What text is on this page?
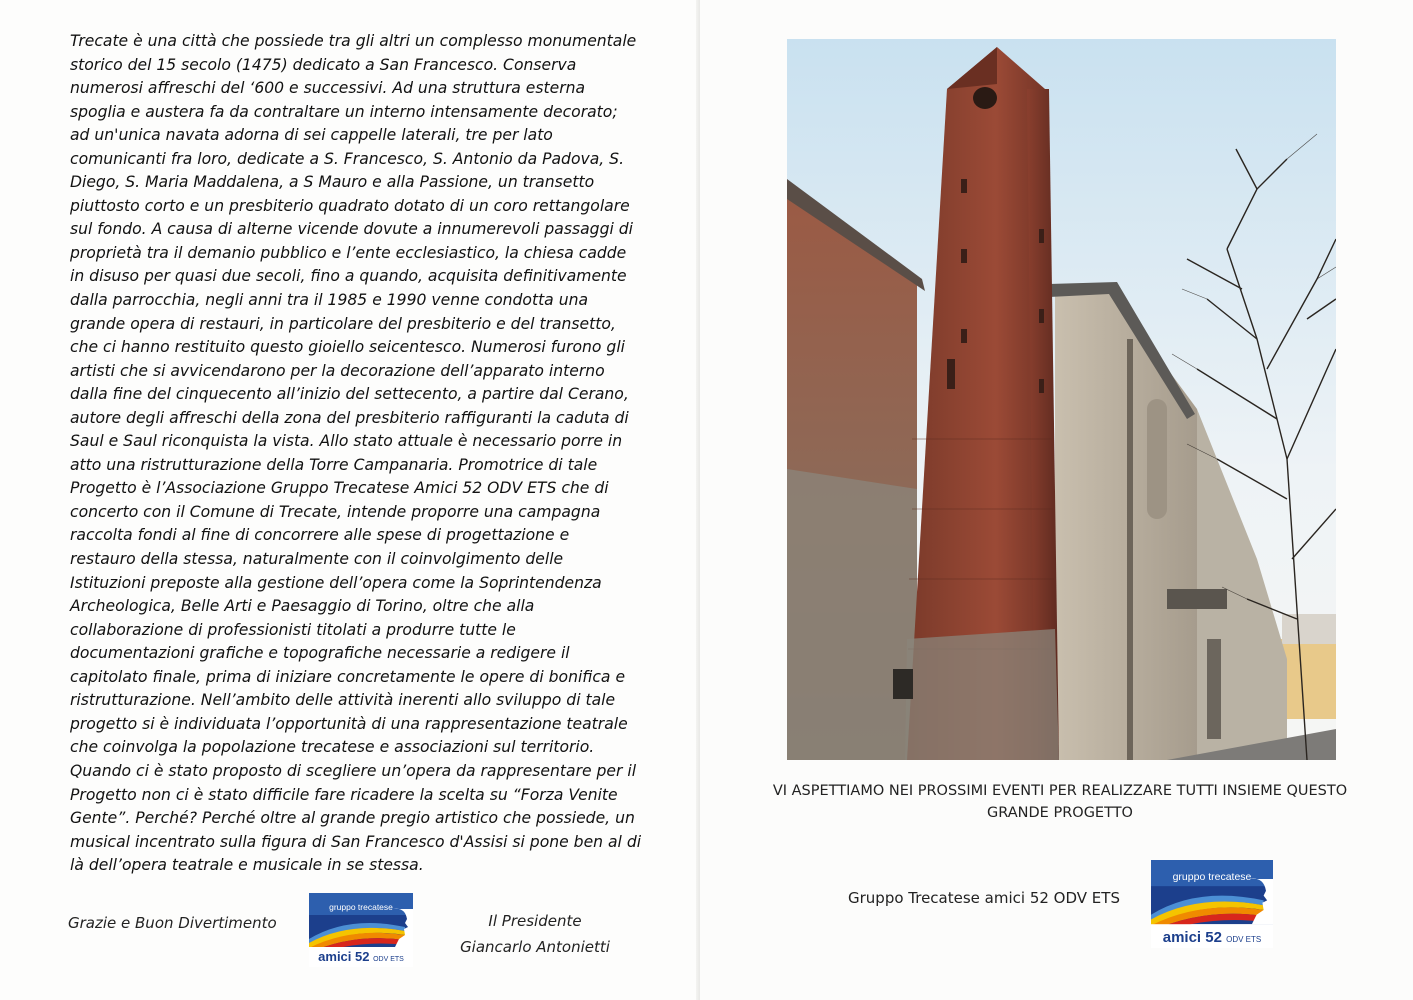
Trecate è una città che possiede tra gli altri un complesso monumentale
storico del 15 secolo (1475) dedicato a San Francesco. Conserva
numerosi affreschi del ‘600 e successivi. Ad una struttura esterna
spoglia e austera fa da contraltare un interno intensamente decorato;
ad un'unica navata adorna di sei cappelle laterali, tre per lato
comunicanti fra loro, dedicate a S. Francesco, S. Antonio da Padova, S.
Diego, S. Maria Maddalena, a S Mauro e alla Passione, un transetto
piuttosto corto e un presbiterio quadrato dotato di un coro rettangolare
sul fondo. A causa di alterne vicende dovute a innumerevoli passaggi di
proprietà tra il demanio pubblico e l’ente ecclesiastico, la chiesa cadde
in disuso per quasi due secoli, fino a quando, acquisita definitivamente
dalla parrocchia, negli anni tra il 1985 e 1990 venne condotta una
grande opera di restauri, in particolare del presbiterio e del transetto,
che ci hanno restituito questo gioiello seicentesco. Numerosi furono gli
artisti che si avvicendarono per la decorazione dell’apparato interno
dalla fine del cinquecento all’inizio del settecento, a partire dal Cerano,
autore degli affreschi della zona del presbiterio raffiguranti la caduta di
Saul e Saul riconquista la vista. Allo stato attuale è necessario porre in
atto una ristrutturazione della Torre Campanaria. Promotrice di tale
Progetto è l’Associazione Gruppo Trecatese Amici 52 ODV ETS che di
concerto con il Comune di Trecate, intende proporre una campagna
raccolta fondi al fine di concorrere alle spese di progettazione e
restauro della stessa, naturalmente con il coinvolgimento delle
Istituzioni preposte alla gestione dell’opera come la Soprintendenza
Archeologica, Belle Arti e Paesaggio di Torino, oltre che alla
collaborazione di professionisti titolati a produrre tutte le
documentazioni grafiche e topografiche necessarie a redigere il
capitolato finale, prima di iniziare concretamente le opere di bonifica e
ristrutturazione. Nell’ambito delle attività inerenti allo sviluppo di tale
progetto si è individuata l’opportunità di una rappresentazione teatrale
che coinvolga la popolazione trecatese e associazioni sul territorio.
Quando ci è stato proposto di scegliere un’opera da rappresentare per il
Progetto non ci è stato difficile fare ricadere la scelta su “Forza Venite
Gente”. Perché? Perché oltre al grande pregio artistico che possiede, un
musical incentrato sulla figura di San Francesco d'Assisi si pone ben al di
là dell’opera teatrale e musicale in se stessa.

Grazie e Buon Divertimento

gruppo trecatese
amici 52 ODV ETS
Il Presidente
Giancarlo Antonietti

VI ASPETTIAMO NEI PROSSIMI EVENTI PER REALIZZARE TUTTI INSIEME QUESTO
GRANDE PROGETTO

Gruppo Trecatese amici 52 ODV ETS

gruppo trecatese
amici 52 ODV ETS
